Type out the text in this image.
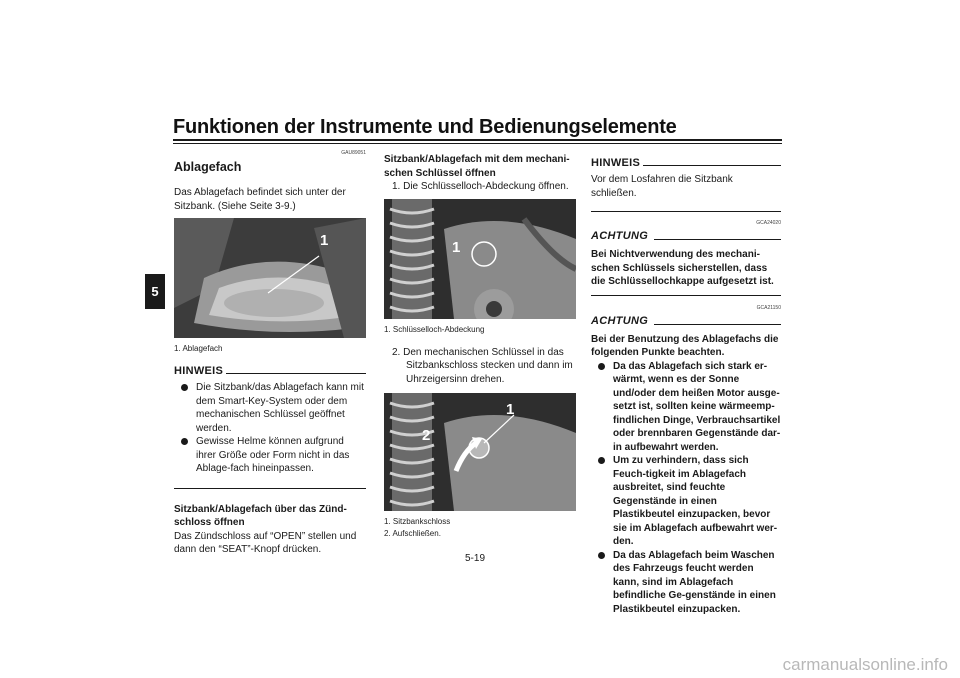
Funktionen der Instrumente und Bedienungselemente
5
GAU89051
Ablagefach

Das Ablagefach befindet sich unter der Sitzbank. (Siehe Seite 3-9.)

1
1. Ablagefach
HINWEIS
Die Sitzbank/das Ablagefach kann mit dem Smart-Key-System oder dem mechanischen Schlüssel geöffnet werden.
Gewisse Helme können aufgrund ihrer Größe oder Form nicht in das Ablage-fach hineinpassen.

Sitzbank/Ablagefach über das Zünd-schloss öffnen

Das Zündschloss auf “OPEN” stellen und dann den “SEAT”-Knopf drücken.

Sitzbank/Ablagefach mit dem mechani-schen Schlüssel öffnen

1. Die Schlüsselloch-Abdeckung öffnen.

1
1. Schlüsselloch-Abdeckung

2. Den mechanischen Schlüssel in das Sitzbankschloss stecken und dann im Uhrzeigersinn drehen.

1
2
1. Sitzbankschloss
2. Aufschließen.
HINWEIS

Vor dem Losfahren die Sitzbank schließen.

GCA24020
ACHTUNG

Bei Nichtverwendung des mechani-schen Schlüssels sicherstellen, dass die Schlüssellochkappe aufgesetzt ist.

GCA21150
ACHTUNG

Bei der Benutzung des Ablagefachs die folgenden Punkte beachten.

Da das Ablagefach sich stark er-wärmt, wenn es der Sonne und/oder dem heißen Motor ausge-setzt ist, sollten keine wärmeemp-findlichen Dinge, Verbrauchsartikel oder brennbaren Gegenstände dar-in aufbewahrt werden.
Um zu verhindern, dass sich Feuch-tigkeit im Ablagefach ausbreitet, sind feuchte Gegenstände in einen Plastikbeutel einzupacken, bevor sie im Ablagefach aufbewahrt wer-den.
Da das Ablagefach beim Waschen des Fahrzeugs feucht werden kann, sind im Ablagefach befindliche Ge-genstände in einen Plastikbeutel einzupacken.
5-19
carmanualsonline.info
